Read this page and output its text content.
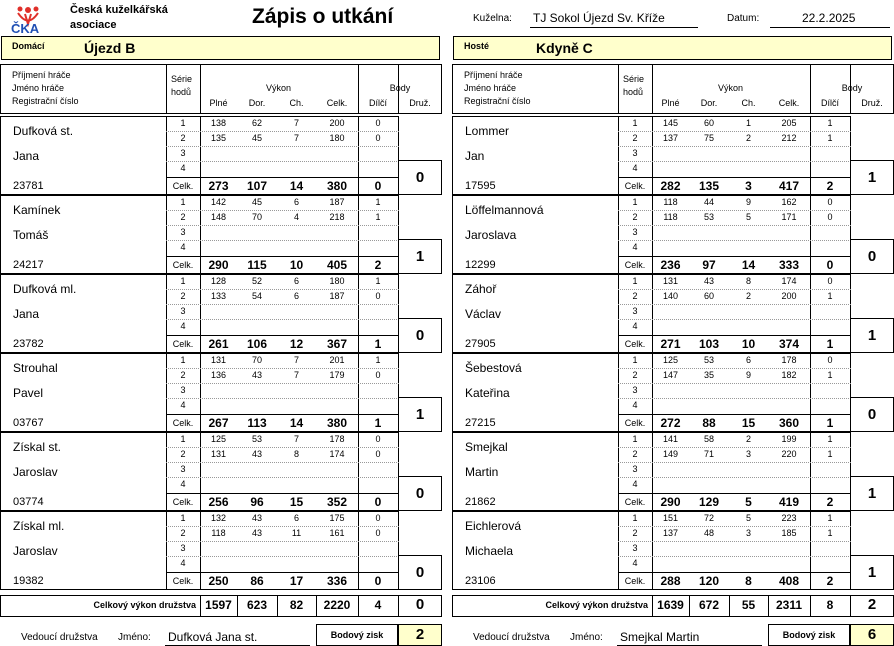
ČKA
Česká kuželkářská
asociace	Zápis o utkání	Kuželna: TJ Sokol Újezd Sv. Kříže	Datum:	22.2.2025
Domácí	Újezd B	Hosté	Kdyně C
Příjmení hráče
Jméno hráče
Registrační číslo
Série
hodů	Výkon
Plné	Dor.	Ch.	Celk.
Body
Dílčí	Druž.
Dufková st.
Jana
23781
1	138	62	7	200	0
2	135	45	7	180	0
3
4
Celk.	273	107	14	380	0	0
Kamínek
Tomáš
24217
1	142	45	6	187	1
2	148	70	4	218	1
3
4
Celk.	290	115	10	405	2	1
Dufková ml.
Jana
23782
1	128	52	6	180	1
2	133	54	6	187	0
3
4
Celk.	261	106	12	367	1	0
Strouhal
Pavel
03767
1	131	70	7	201	1
2	136	43	7	179	0
3
4
Celk.	267	113	14	380	1	1
Získal st.
Jaroslav
03774
1	125	53	7	178	0
2	131	43	8	174	0
3
4
Celk.	256	96	15	352	0	0
Získal ml.
Jaroslav
19382
1	132	43	6	175	0
2	118	43	11	161	0
3
4
Celk.	250	86	17	336	0	0
Celkový výkon družstva 1597	623	82	2220	4	0
Vedoucí družstva Jméno: Dufková Jana st.	Bodový zisk	2
Příjmení hráče
Jméno hráče
Registrační číslo
Série
hodů	Výkon
Plné	Dor.	Ch.	Celk.
Body
Dílčí	Druž.
Lommer
Jan
17595
1	145	60	1	205	1
2	137	75	2	212	1
3
4
Celk.	282	135	3	417	2	1
Löffelmannová
Jaroslava
12299
1	118	44	9	162	0
2	118	53	5	171	0
3
4
Celk.	236	97	14	333	0	0
Záhoř
Václav
27905
1	131	43	8	174	0
2	140	60	2	200	1
3
4
Celk.	271	103	10	374	1	1
Šebestová
Kateřina
27215
1	125	53	6	178	0
2	147	35	9	182	1
3
4
Celk.	272	88	15	360	1	0
Smejkal
Martin
21862
1	141	58	2	199	1
2	149	71	3	220	1
3
4
Celk.	290	129	5	419	2	1
Eichlerová
Michaela
23106
1	151	72	5	223	1
2	137	48	3	185	1
3
4
Celk.	288	120	8	408	2	1
Celkový výkon družstva 1639	672	55	2311	8	2
Vedoucí družstva Jméno: Smejkal Martin	Bodový zisk	6
